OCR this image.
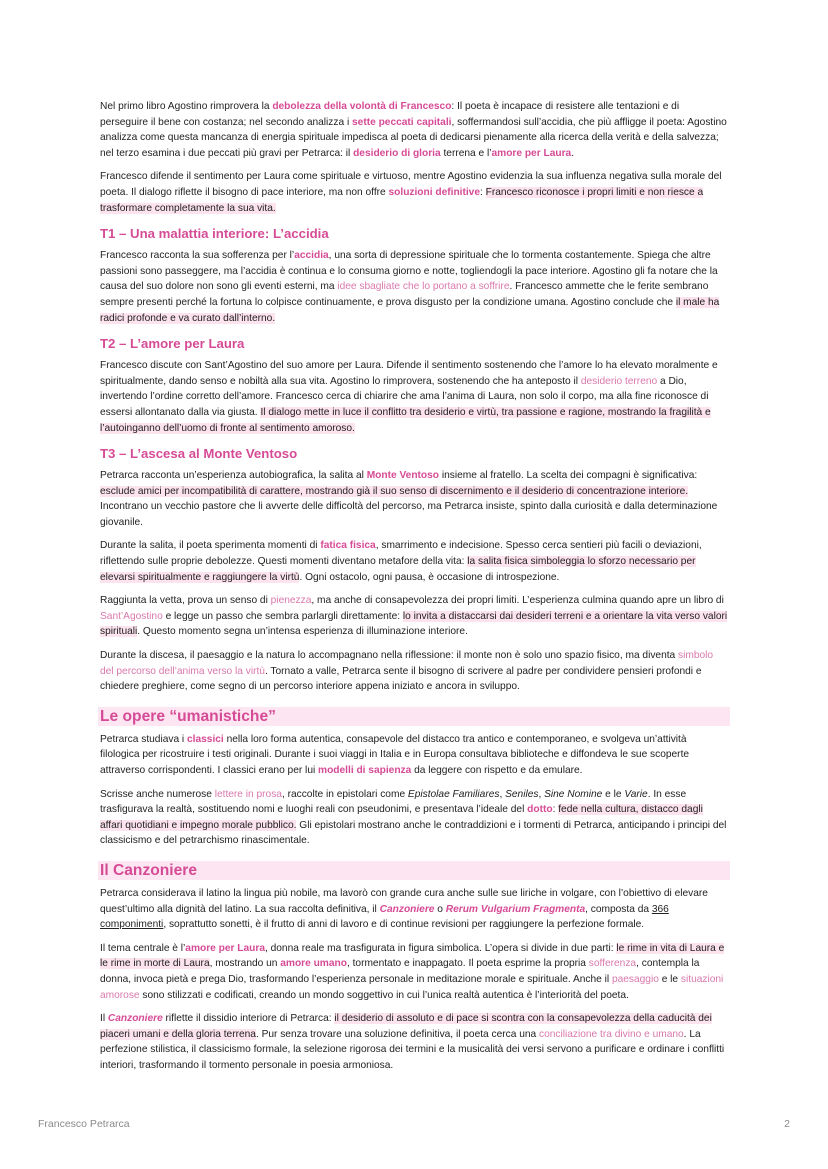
Nel primo libro Agostino rimprovera la debolezza della volontà di Francesco: Il poeta è incapace di resistere alle tentazioni e di perseguire il bene con costanza; nel secondo analizza i sette peccati capitali, soffermandosi sull’accidia, che più affligge il poeta: Agostino analizza come questa mancanza di energia spirituale impedisca al poeta di dedicarsi pienamente alla ricerca della verità e della salvezza; nel terzo esamina i due peccati più gravi per Petrarca: il desiderio di gloria terrena e l’amore per Laura.

Francesco difende il sentimento per Laura come spirituale e virtuoso, mentre Agostino evidenzia la sua influenza negativa sulla morale del poeta. Il dialogo riflette il bisogno di pace interiore, ma non offre soluzioni definitive: Francesco riconosce i propri limiti e non riesce a trasformare completamente la sua vita.

T1 – Una malattia interiore: L’accidia

Francesco racconta la sua sofferenza per l’accidia, una sorta di depressione spirituale che lo tormenta costantemente. Spiega che altre passioni sono passeggere, ma l’accidia è continua e lo consuma giorno e notte, togliendogli la pace interiore. Agostino gli fa notare che la causa del suo dolore non sono gli eventi esterni, ma idee sbagliate che lo portano a soffrire. Francesco ammette che le ferite sembrano sempre presenti perché la fortuna lo colpisce continuamente, e prova disgusto per la condizione umana. Agostino conclude che il male ha radici profonde e va curato dall’interno.

T2 – L’amore per Laura

Francesco discute con Sant’Agostino del suo amore per Laura. Difende il sentimento sostenendo che l’amore lo ha elevato moralmente e spiritualmente, dando senso e nobiltà alla sua vita. Agostino lo rimprovera, sostenendo che ha anteposto il desiderio terreno a Dio, invertendo l’ordine corretto dell’amore. Francesco cerca di chiarire che ama l’anima di Laura, non solo il corpo, ma alla fine riconosce di essersi allontanato dalla via giusta. Il dialogo mette in luce il conflitto tra desiderio e virtù, tra passione e ragione, mostrando la fragilità e l’autoinganno dell’uomo di fronte al sentimento amoroso.

T3 – L’ascesa al Monte Ventoso

Petrarca racconta un’esperienza autobiografica, la salita al Monte Ventoso insieme al fratello. La scelta dei compagni è significativa: esclude amici per incompatibilità di carattere, mostrando già il suo senso di discernimento e il desiderio di concentrazione interiore. Incontrano un vecchio pastore che li avverte delle difficoltà del percorso, ma Petrarca insiste, spinto dalla curiosità e dalla determinazione giovanile.

Durante la salita, il poeta sperimenta momenti di fatica fisica, smarrimento e indecisione. Spesso cerca sentieri più facili o deviazioni, riflettendo sulle proprie debolezze. Questi momenti diventano metafore della vita: la salita fisica simboleggia lo sforzo necessario per elevarsi spiritualmente e raggiungere la virtù. Ogni ostacolo, ogni pausa, è occasione di introspezione.

Raggiunta la vetta, prova un senso di pienezza, ma anche di consapevolezza dei propri limiti. L’esperienza culmina quando apre un libro di Sant’Agostino e legge un passo che sembra parlargli direttamente: lo invita a distaccarsi dai desideri terreni e a orientare la vita verso valori spirituali. Questo momento segna un’intensa esperienza di illuminazione interiore.

Durante la discesa, il paesaggio e la natura lo accompagnano nella riflessione: il monte non è solo uno spazio fisico, ma diventa simbolo del percorso dell’anima verso la virtù. Tornato a valle, Petrarca sente il bisogno di scrivere al padre per condividere pensieri profondi e chiedere preghiere, come segno di un percorso interiore appena iniziato e ancora in sviluppo.

Le opere “umanistiche”

Petrarca studiava i classici nella loro forma autentica, consapevole del distacco tra antico e contemporaneo, e svolgeva un’attività filologica per ricostruire i testi originali. Durante i suoi viaggi in Italia e in Europa consultava biblioteche e diffondeva le sue scoperte attraverso corrispondenti. I classici erano per lui modelli di sapienza da leggere con rispetto e da emulare.

Scrisse anche numerose lettere in prosa, raccolte in epistolari come Epistolae Familiares, Seniles, Sine Nomine e le Varie. In esse trasfigurava la realtà, sostituendo nomi e luoghi reali con pseudonimi, e presentava l’ideale del dotto: fede nella cultura, distacco dagli affari quotidiani e impegno morale pubblico. Gli epistolari mostrano anche le contraddizioni e i tormenti di Petrarca, anticipando i principi del classicismo e del petrarchismo rinascimentale.

Il Canzoniere

Petrarca considerava il latino la lingua più nobile, ma lavorò con grande cura anche sulle sue liriche in volgare, con l’obiettivo di elevare quest’ultimo alla dignità del latino. La sua raccolta definitiva, il Canzoniere o Rerum Vulgarium Fragmenta, composta da 366 componimenti, soprattutto sonetti, è il frutto di anni di lavoro e di continue revisioni per raggiungere la perfezione formale.

Il tema centrale è l’amore per Laura, donna reale ma trasfigurata in figura simbolica. L’opera si divide in due parti: le rime in vita di Laura e le rime in morte di Laura, mostrando un amore umano, tormentato e inappagato. Il poeta esprime la propria sofferenza, contempla la donna, invoca pietà e prega Dio, trasformando l’esperienza personale in meditazione morale e spirituale. Anche il paesaggio e le situazioni amorose sono stilizzati e codificati, creando un mondo soggettivo in cui l’unica realtà autentica è l’interiorità del poeta.

Il Canzoniere riflette il dissidio interiore di Petrarca: il desiderio di assoluto e di pace si scontra con la consapevolezza della caducità dei piaceri umani e della gloria terrena. Pur senza trovare una soluzione definitiva, il poeta cerca una conciliazione tra divino e umano. La perfezione stilistica, il classicismo formale, la selezione rigorosa dei termini e la musicalità dei versi servono a purificare e ordinare i conflitti interiori, trasformando il tormento personale in poesia armoniosa.

Francesco Petrarca	2
